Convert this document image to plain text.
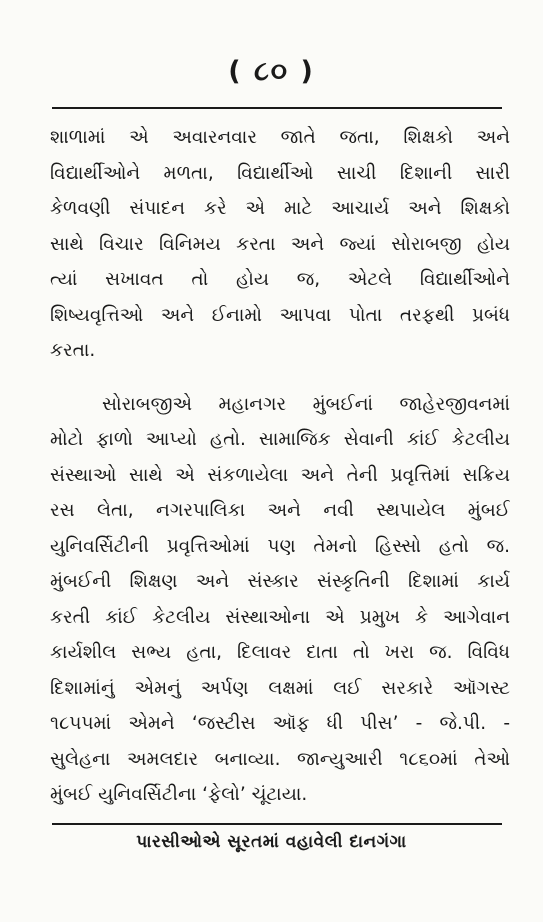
( ૮૦ )
શાળામાં એ અવારનવાર જાતે જતા, શિક્ષકો અને
વિદ્યાર્થીઓને મળતા, વિદ્યાર્થીઓ સાચી દિશાની સારી
કેળવણી સંપાદન કરે એ માટે આચાર્ય અને શિક્ષકો
સાથે વિચાર વિનિમય કરતા અને જ્યાં સોરાબજી હોય
ત્યાં સખાવત તો હોય જ, એટલે વિદ્યાર્થીઓને
શિષ્યવૃત્તિઓ અને ઈનામો આપવા પોતા તરફથી પ્રબંધ
કરતા.
સોરાબજીએ મહાનગર મુંબઈનાં જાહેરજીવનમાં
મોટો ફાળો આપ્યો હતો. સામાજિક સેવાની કાંઈ કેટલીય
સંસ્થાઓ સાથે એ સંકળાયેલા અને તેની પ્રવૃત્તિમાં સક્રિય
રસ લેતા, નગરપાલિકા અને નવી સ્થપાયેલ મુંબઈ
યુનિવર્સિટીની પ્રવૃત્તિઓમાં પણ તેમનો હિસ્સો હતો જ.
મુંબઈની શિક્ષણ અને સંસ્કાર સંસ્કૃતિની દિશામાં કાર્ય
કરતી કાંઈ કેટલીય સંસ્થાઓના એ પ્રમુખ કે આગેવાન
કાર્યશીલ સભ્ય હતા, દિલાવર દાતા તો ખરા જ. વિવિધ
દિશામાંનું એમનું અર્પણ લક્ષમાં લઈ સરકારે ઑગસ્ટ
૧૮૫૫માં એમને ‘જસ્ટીસ ઑફ ધી પીસ’ - જે.પી. -
સુલેહના અમલદાર બનાવ્યા. જાન્યુઆરી ૧૮૬૦માં તેઓ
મુંબઈ યુનિવર્સિટીના ‘ફેલો’ ચૂંટાયા.
પારસીઓએ સૂરતમાં વહાવેલી દાનગંગા
